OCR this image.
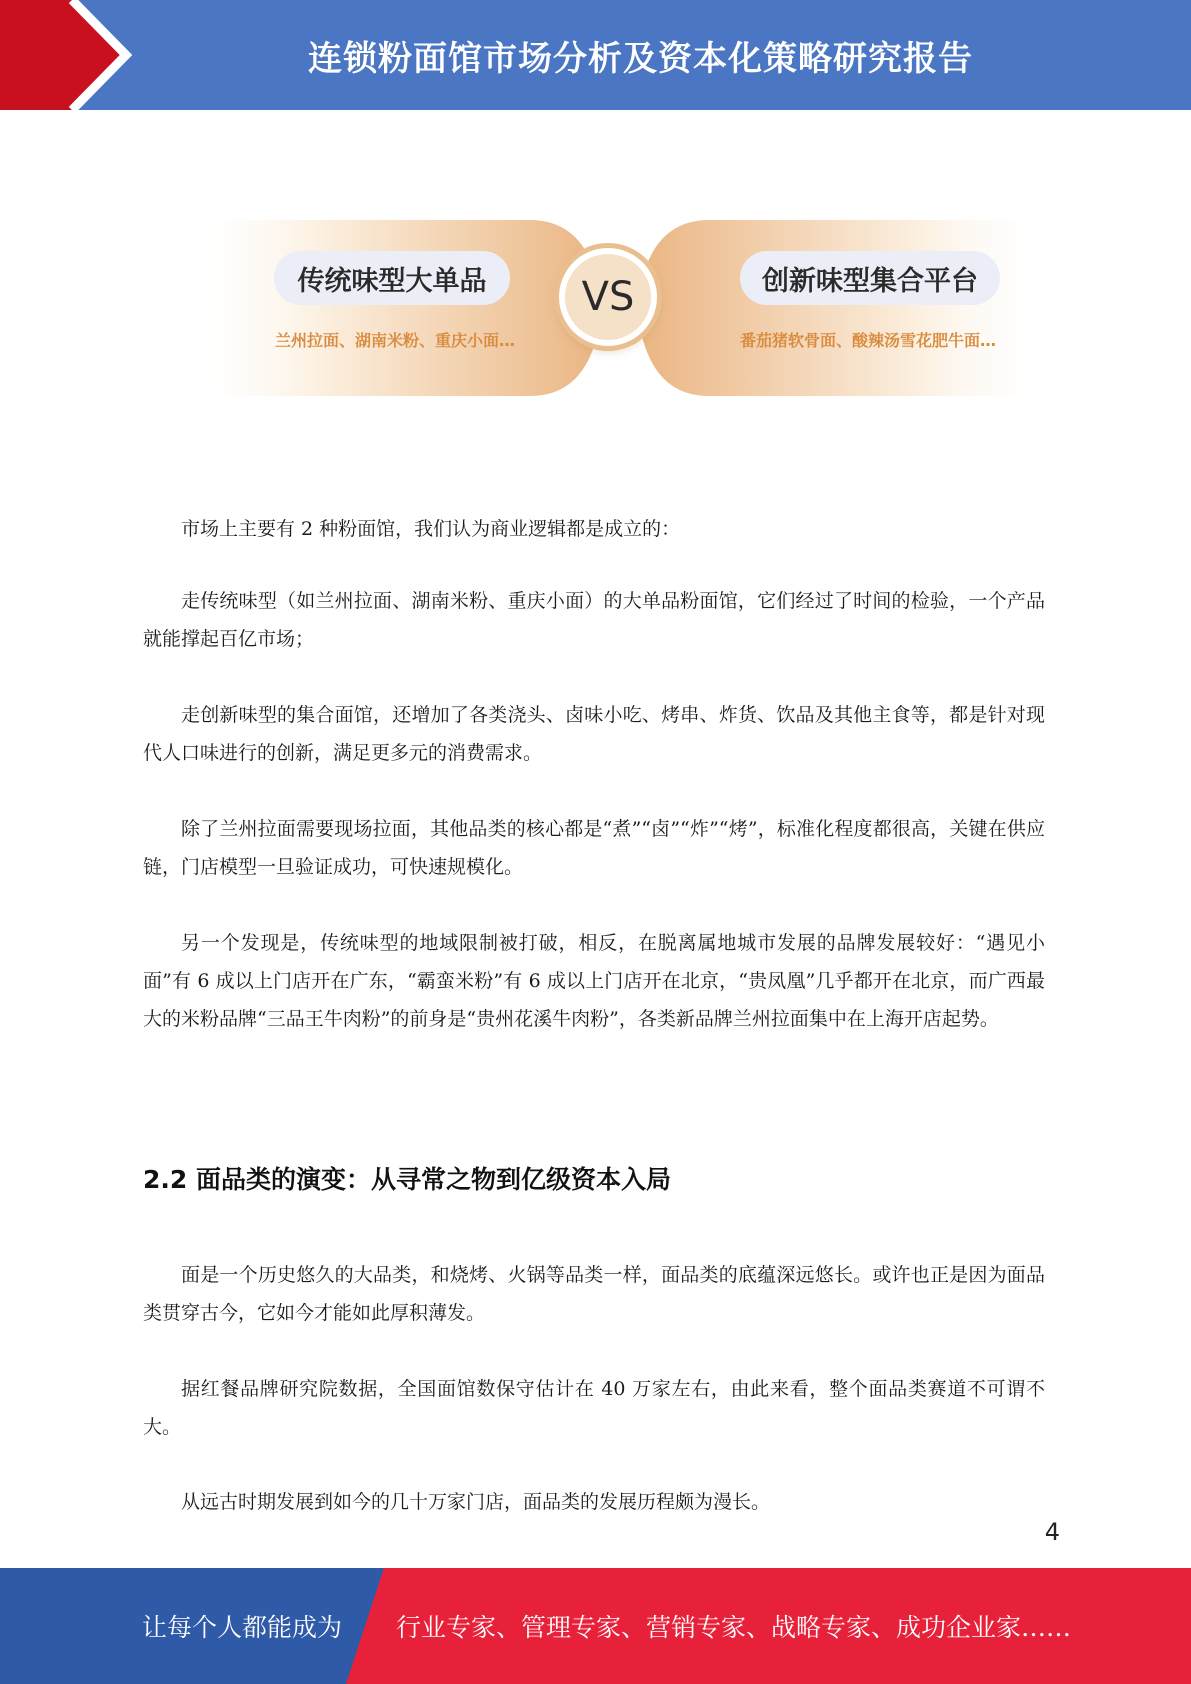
连锁粉面馆市场分析及资本化策略研究报告
传统味型大单品
兰州拉面、湖南米粉、重庆小面…
VS	创新味型集合平台
番茄猪软骨面、酸辣汤雪花肥牛面…

市场上主要有 2 种粉面馆，我们认为商业逻辑都是成立的：

走传统味型（如兰州拉面、湖南米粉、重庆小面）的大单品粉面馆，它们经过了时间的检验，一个产品就能撑起百亿市场；

走创新味型的集合面馆，还增加了各类浇头、卤味小吃、烤串、炸货、饮品及其他主食等，都是针对现代人口味进行的创新，满足更多元的消费需求。

除了兰州拉面需要现场拉面，其他品类的核心都是“煮”“卤”“炸”“烤”，标准化程度都很高，关键在供应链，门店模型一旦验证成功，可快速规模化。

另一个发现是，传统味型的地域限制被打破，相反，在脱离属地城市发展的品牌发展较好：“遇见小面”有 6 成以上门店开在广东，“霸蛮米粉”有 6 成以上门店开在北京，“贵凤凰”几乎都开在北京，而广西最大的米粉品牌“三品王牛肉粉”的前身是“贵州花溪牛肉粉”，各类新品牌兰州拉面集中在上海开店起势。

2.2 面品类的演变：从寻常之物到亿级资本入局

面是一个历史悠久的大品类，和烧烤、火锅等品类一样，面品类的底蕴深远悠长。或许也正是因为面品类贯穿古今，它如今才能如此厚积薄发。

据红餐品牌研究院数据，全国面馆数保守估计在 40 万家左右，由此来看，整个面品类赛道不可谓不大。

从远古时期发展到如今的几十万家门店，面品类的发展历程颇为漫长。

4
让每个人都能成为 行业专家、管理专家、营销专家、战略专家、成功企业家……
